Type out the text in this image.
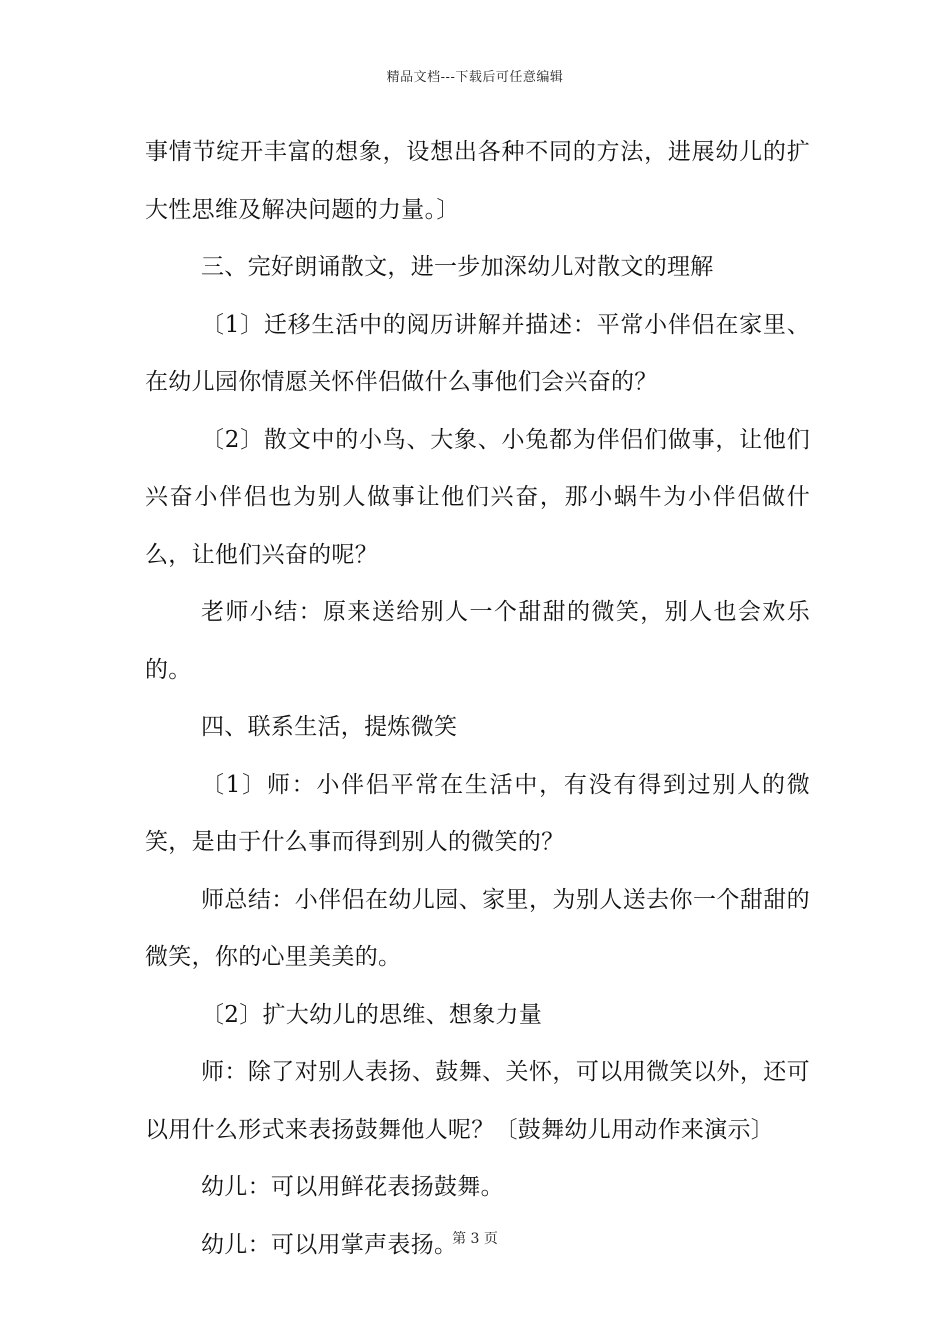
精品文档---下载后可任意编辑

事情节绽开丰富的想象，设想出各种不同的方法，进展幼儿的扩大性思维及解决问题的力量。〕

三、完好朗诵散文，进一步加深幼儿对散文的理解

〔1〕迁移生活中的阅历讲解并描述：平常小伴侣在家里、在幼儿园你情愿关怀伴侣做什么事他们会兴奋的？

〔2〕散文中的小鸟、大象、小兔都为伴侣们做事，让他们兴奋小伴侣也为别人做事让他们兴奋，那小蜗牛为小伴侣做什么，让他们兴奋的呢？

老师小结：原来送给别人一个甜甜的微笑，别人也会欢乐的。

四、联系生活，提炼微笑

〔1〕师：小伴侣平常在生活中，有没有得到过别人的微笑，是由于什么事而得到别人的微笑的？

师总结：小伴侣在幼儿园、家里，为别人送去你一个甜甜的微笑，你的心里美美的。

〔2〕扩大幼儿的思维、想象力量

师：除了对别人表扬、鼓舞、关怀，可以用微笑以外，还可以用什么形式来表扬鼓舞他人呢？〔鼓舞幼儿用动作来演示〕

幼儿：可以用鲜花表扬鼓舞。

幼儿：可以用掌声表扬。

第 3 页
